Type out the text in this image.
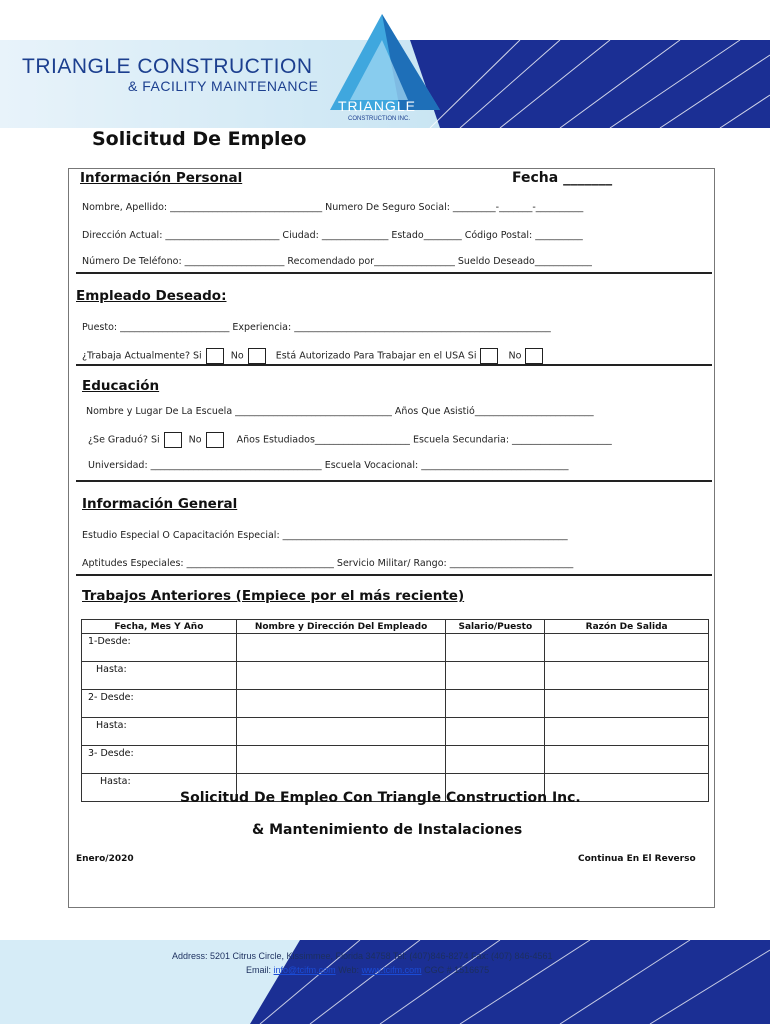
TRIANGLE CONSTRUCTION
& FACILITY MAINTENANCE
TRIANGLE
CONSTRUCTION INC.
Solicitud De Empleo
Información Personal	Fecha _______
Nombre, Apellido: ________________________________ Numero De Seguro Social: _________-_______-__________
Dirección Actual: ________________________ Ciudad: ______________ Estado________ Código Postal: __________
Número De Teléfono: _____________________ Recomendado por_________________ Sueldo Deseado____________
Empleado Deseado:
Puesto: _______________________ Experiencia: ______________________________________________________
¿Trabaja Actualmente? Si	No	Está Autorizado Para Trabajar en el USA Si	No
Educación
Nombre y Lugar De La Escuela _________________________________ Años Que Asistió_________________________
¿Se Graduó? Si	No	Años Estudiados____________________ Escuela Secundaria: _____________________
Universidad: ____________________________________ Escuela Vocacional: _______________________________
Información General
Estudio Especial O Capacitación Especial: ____________________________________________________________
Aptitudes Especiales: _______________________________ Servicio Militar/ Rango: __________________________
Trabajos Anteriores (Empiece por el más reciente)
Fecha, Mes Y Año	Nombre y Dirección Del Empleado	Salario/Puesto	Razón De Salida
1-Desde:			
Hasta:			
2- Desde:			
Hasta:			
3- Desde:			
Hasta:			
Solicitud De Empleo Con Triangle Construction Inc.
& Mantenimiento de Instalaciones
Enero/2020	Continua En El Reverso
Address: 5201 Citrus Circle, Kissimmee, Florida 34758 Tel: (407)846-8274 Fax: (407) 846-4561
Email: info@tcifm.com Web: www.tcifm.com CGC # 1516675
